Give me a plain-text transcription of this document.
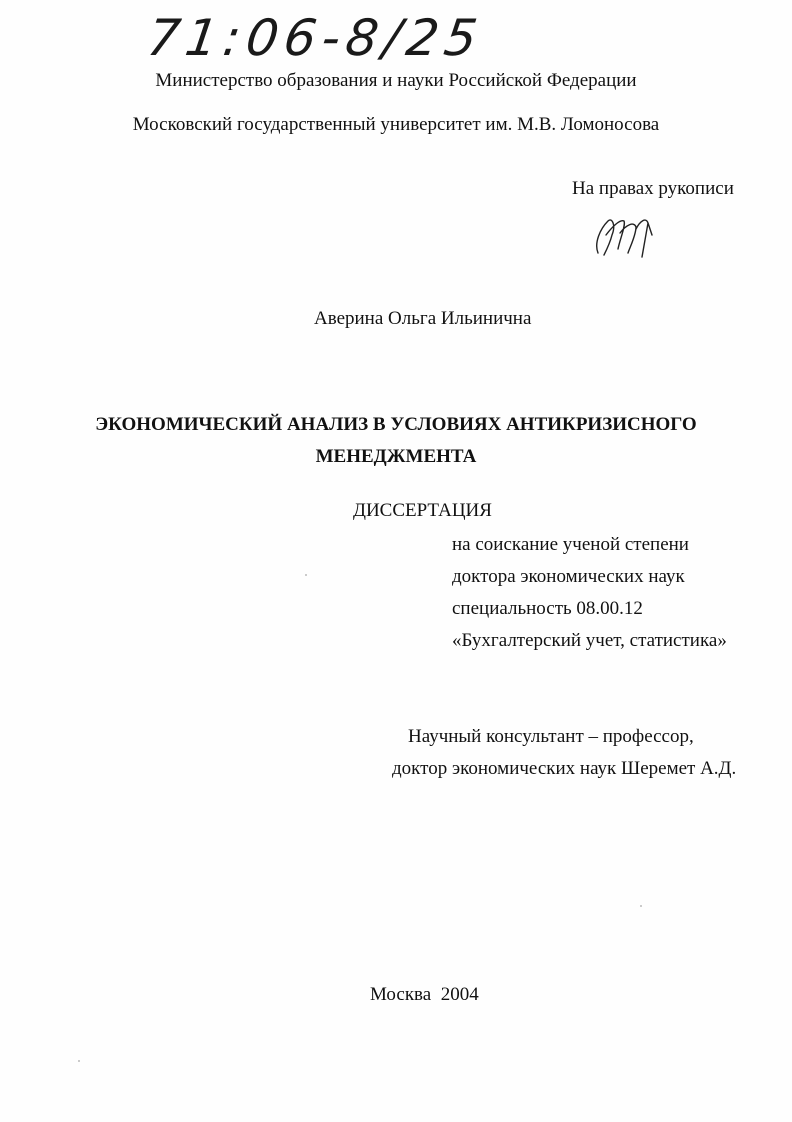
71:06-8/25
Министерство образования и науки Российской Федерации
Московский государственный университет им. М.В. Ломоносова
На правах рукописи
Аверина Ольга Ильинична
ЭКОНОМИЧЕСКИЙ АНАЛИЗ В УСЛОВИЯХ АНТИКРИЗИСНОГО
МЕНЕДЖМЕНТА
ДИССЕРТАЦИЯ
на соискание ученой степени
доктора экономических наук
специальность 08.00.12
«Бухгалтерский учет, статистика»
Научный консультант – профессор,
доктор экономических наук Шеремет А.Д.
Москва  2004
